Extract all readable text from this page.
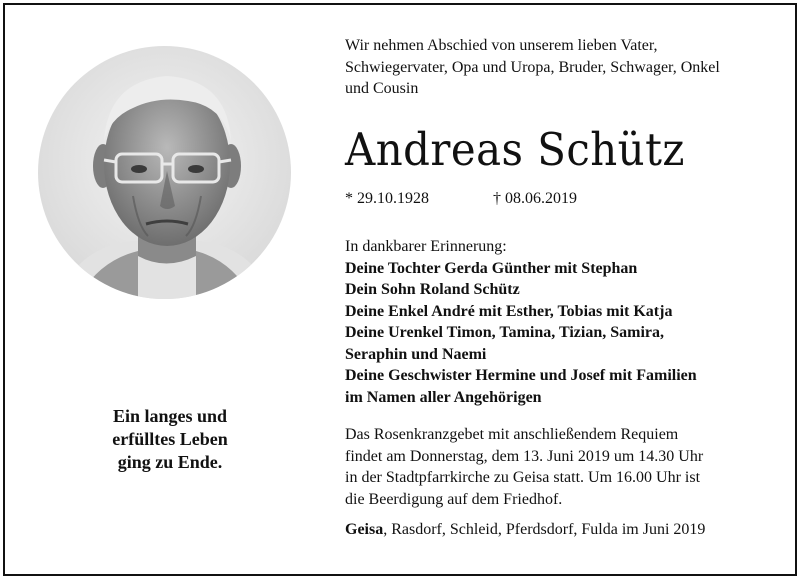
Ein langes und
erfülltes Leben
ging zu Ende.
Wir nehmen Abschied von unserem lieben Vater,
Schwiegervater, Opa und Uropa, Bruder, Schwager, Onkel
und Cousin
Andreas Schütz
* 29.10.1928	† 08.06.2019
In dankbarer Erinnerung:
Deine Tochter Gerda Günther mit Stephan
Dein Sohn Roland Schütz
Deine Enkel André mit Esther, Tobias mit Katja
Deine Urenkel Timon, Tamina, Tizian, Samira,
Seraphin und Naemi
Deine Geschwister Hermine und Josef mit Familien
im Namen aller Angehörigen
Das Rosenkranzgebet mit anschließendem Requiem
findet am Donnerstag, dem 13. Juni 2019 um 14.30 Uhr
in der Stadtpfarrkirche zu Geisa statt. Um 16.00 Uhr ist
die Beerdigung auf dem Friedhof.
Geisa, Rasdorf, Schleid, Pferdsdorf, Fulda im Juni 2019
